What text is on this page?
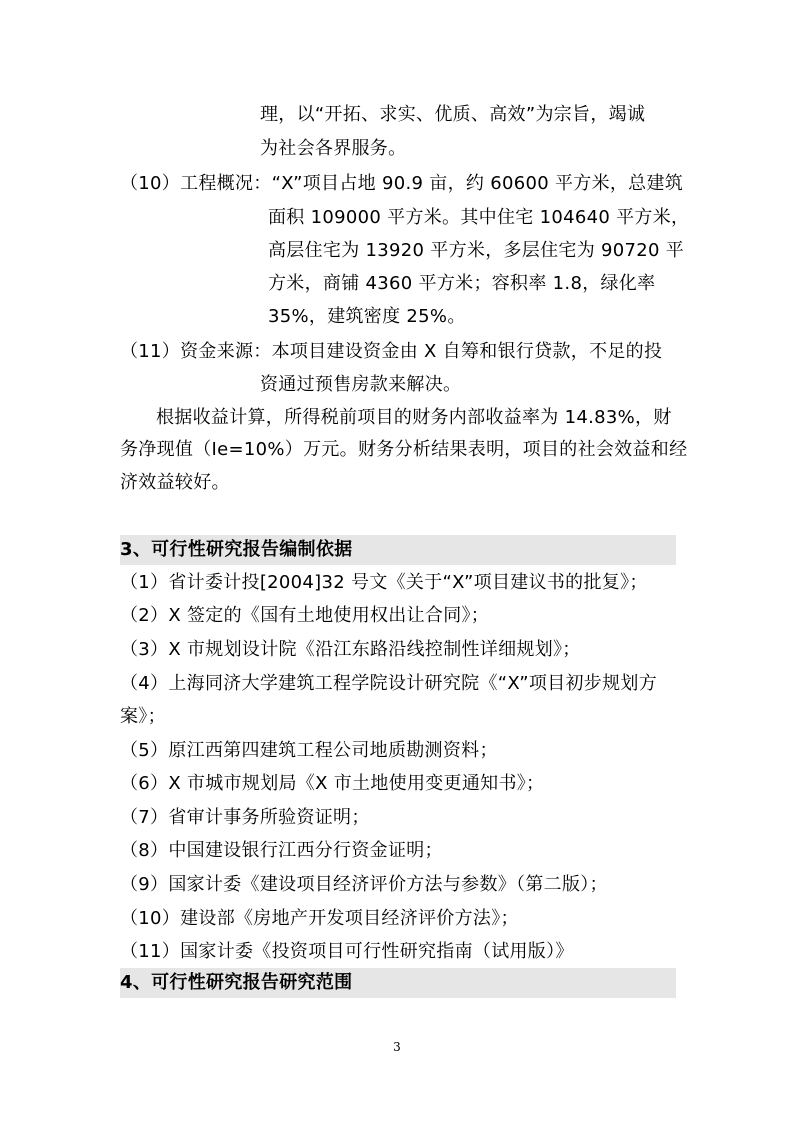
理，以“开拓、求实、优质、高效”为宗旨，竭诚
为社会各界服务。
（10）工程概况：“X”项目占地 90.9 亩，约 60600 平方米，总建筑
面积 109000 平方米。其中住宅 104640 平方米，
高层住宅为 13920 平方米，多层住宅为 90720 平
方米，商铺 4360 平方米；容积率 1.8，绿化率
35%，建筑密度 25%。
（11）资金来源：本项目建设资金由 X 自筹和银行贷款，不足的投
资通过预售房款来解决。
根据收益计算，所得税前项目的财务内部收益率为 14.83%，财
务净现值（Ie=10%）万元。财务分析结果表明，项目的社会效益和经
济效益较好。
3、可行性研究报告编制依据
（1）省计委计投[2004]32 号文《关于“X”项目建议书的批复》；
（2）X 签定的《国有土地使用权出让合同》；
（3）X 市规划设计院《沿江东路沿线控制性详细规划》；
（4）上海同济大学建筑工程学院设计研究院《“X”项目初步规划方
案》；
（5）原江西第四建筑工程公司地质勘测资料；
（6）X 市城市规划局《X 市土地使用变更通知书》；
（7）省审计事务所验资证明；
（8）中国建设银行江西分行资金证明；
（9）国家计委《建设项目经济评价方法与参数》（第二版）；
（10）建设部《房地产开发项目经济评价方法》；
（11）国家计委《投资项目可行性研究指南（试用版）》
4、可行性研究报告研究范围
3
